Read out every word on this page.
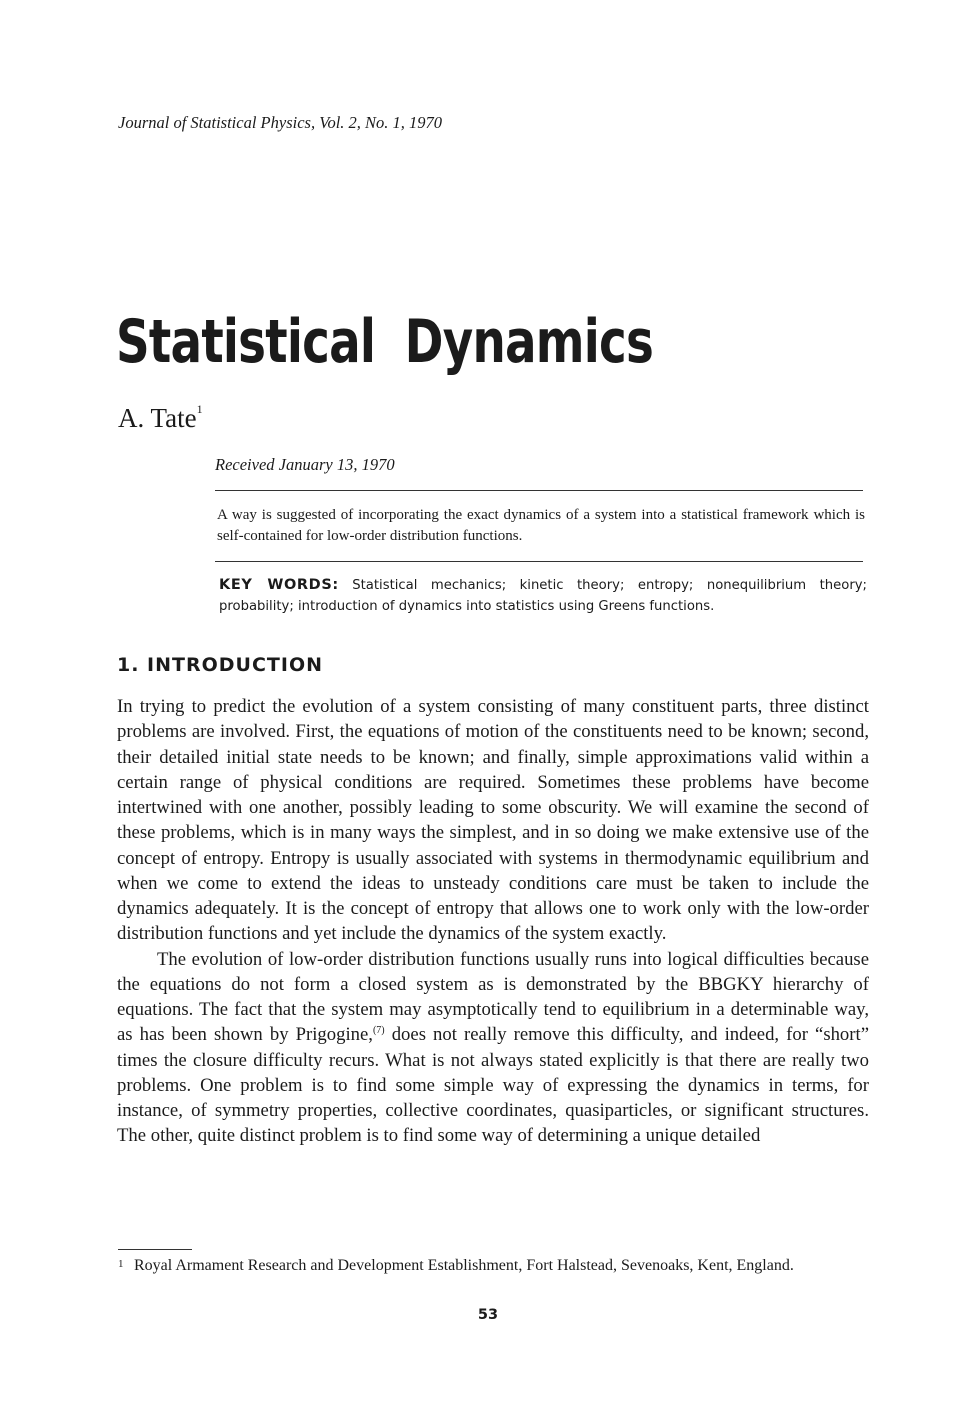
Journal of Statistical Physics, Vol. 2, No. 1, 1970
Statistical Dynamics
A. Tate$^1$
Received January 13, 1970
A way is suggested of incorporating the exact dynamics of a system into a statistical framework which is self-contained for low-order distribution functions.
KEY WORDS: Statistical mechanics; kinetic theory; entropy; nonequilibrium theory; probability; introduction of dynamics into statistics using Greens functions.
1. INTRODUCTION

In trying to predict the evolution of a system consisting of many constituent parts, three distinct problems are involved. First, the equations of motion of the constituents need to be known; second, their detailed initial state needs to be known; and finally, simple approximations valid within a certain range of physical conditions are required. Sometimes these problems have become intertwined with one another, possibly leading to some obscurity. We will examine the second of these problems, which is in many ways the simplest, and in so doing we make extensive use of the concept of entropy. Entropy is usually associated with systems in thermodynamic equilibrium and when we come to extend the ideas to unsteady conditions care must be taken to include the dynamics adequately. It is the concept of entropy that allows one to work only with the low-order distribution functions and yet include the dynamics of the system exactly.

The evolution of low-order distribution functions usually runs into logical difficulties because the equations do not form a closed system as is demonstrated by the BBGKY hierarchy of equations. The fact that the system may asymptotically tend to equilibrium in a determinable way, as has been shown by Prigogine,$^{(7)}$ does not really remove this difficulty, and indeed, for “short” times the closure difficulty recurs. What is not always stated explicitly is that there are really two problems. One problem is to find some simple way of expressing the dynamics in terms, for instance, of symmetry properties, collective coordinates, quasiparticles, or significant structures. The other, quite distinct problem is to find some way of determining a unique detailed

1 Royal Armament Research and Development Establishment, Fort Halstead, Sevenoaks, Kent, England.
53
